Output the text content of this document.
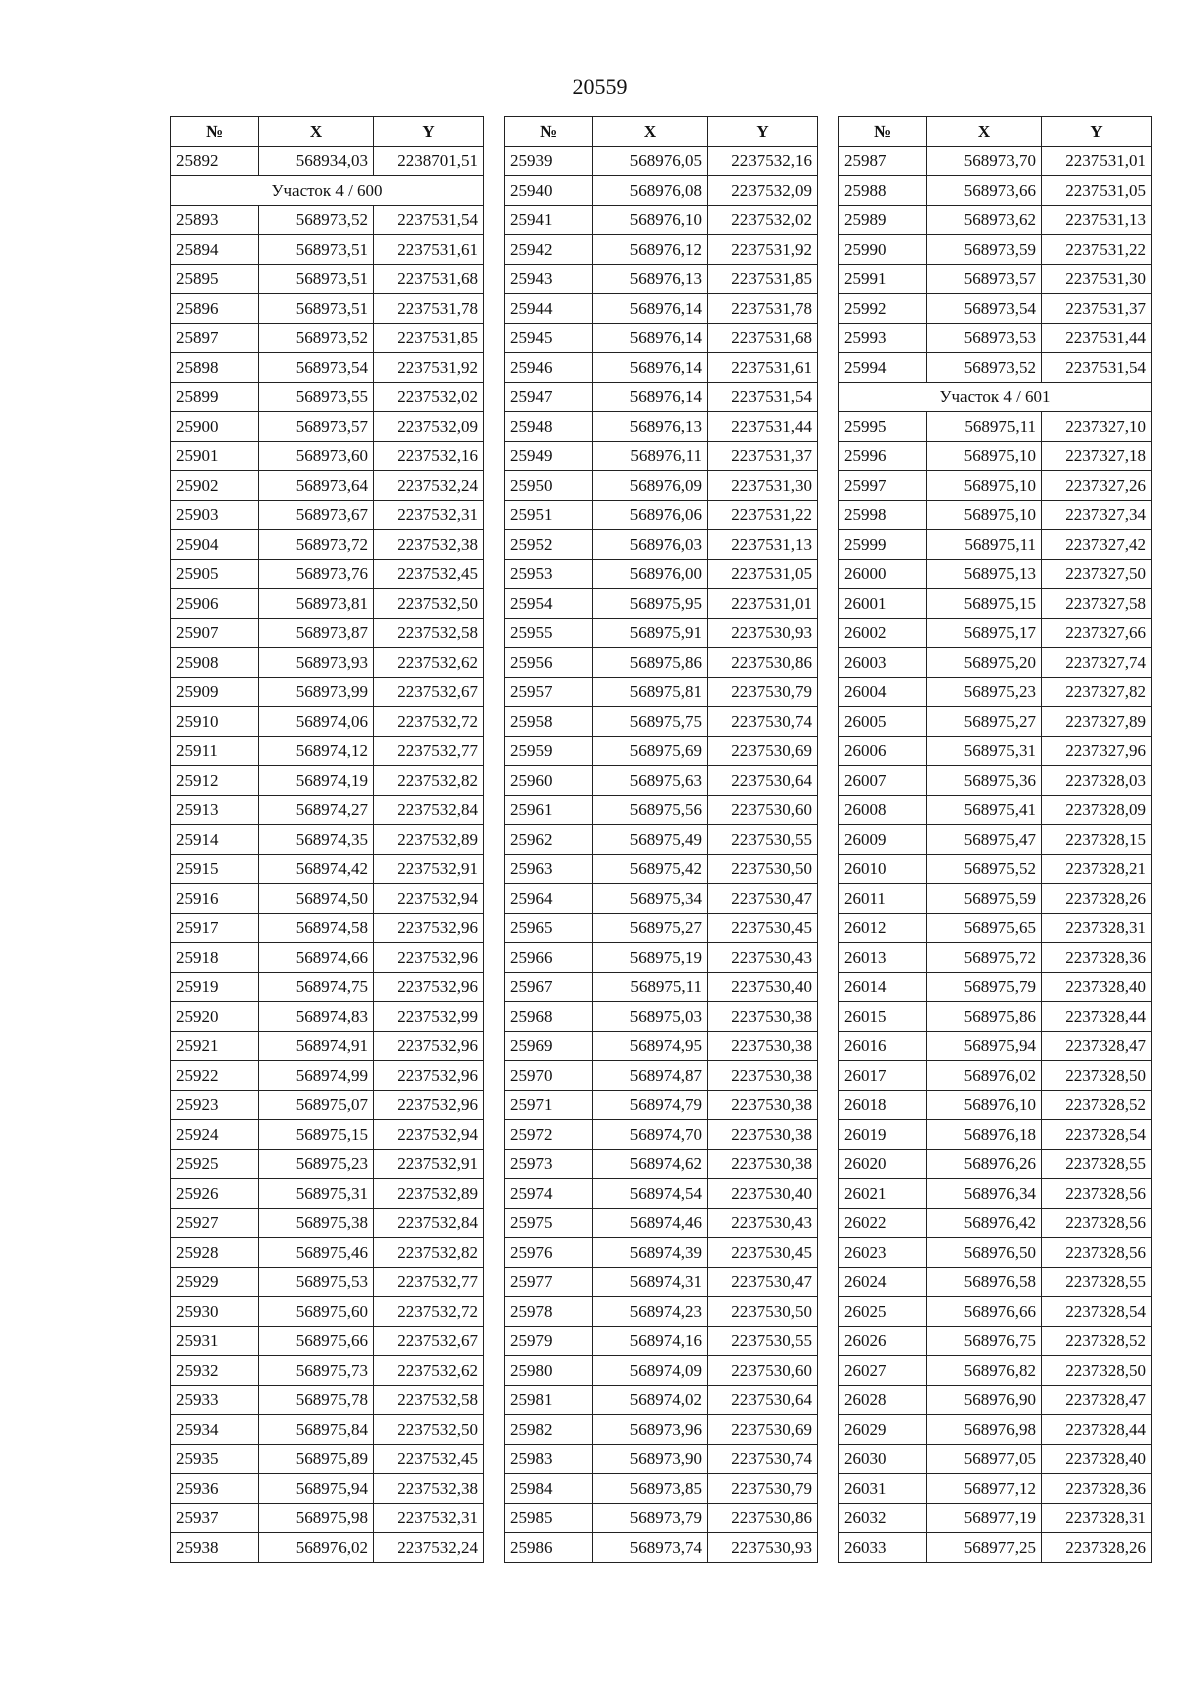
20559
№	X	Y
25892	568934,03	2238701,51
Участок 4 / 600		
25893	568973,52	2237531,54
25894	568973,51	2237531,61
25895	568973,51	2237531,68
25896	568973,51	2237531,78
25897	568973,52	2237531,85
25898	568973,54	2237531,92
25899	568973,55	2237532,02
25900	568973,57	2237532,09
25901	568973,60	2237532,16
25902	568973,64	2237532,24
25903	568973,67	2237532,31
25904	568973,72	2237532,38
25905	568973,76	2237532,45
25906	568973,81	2237532,50
25907	568973,87	2237532,58
25908	568973,93	2237532,62
25909	568973,99	2237532,67
25910	568974,06	2237532,72
25911	568974,12	2237532,77
25912	568974,19	2237532,82
25913	568974,27	2237532,84
25914	568974,35	2237532,89
25915	568974,42	2237532,91
25916	568974,50	2237532,94
25917	568974,58	2237532,96
25918	568974,66	2237532,96
25919	568974,75	2237532,96
25920	568974,83	2237532,99
25921	568974,91	2237532,96
25922	568974,99	2237532,96
25923	568975,07	2237532,96
25924	568975,15	2237532,94
25925	568975,23	2237532,91
25926	568975,31	2237532,89
25927	568975,38	2237532,84
25928	568975,46	2237532,82
25929	568975,53	2237532,77
25930	568975,60	2237532,72
25931	568975,66	2237532,67
25932	568975,73	2237532,62
25933	568975,78	2237532,58
25934	568975,84	2237532,50
25935	568975,89	2237532,45
25936	568975,94	2237532,38
25937	568975,98	2237532,31
25938	568976,02	2237532,24
№	X	Y
25939	568976,05	2237532,16
25940	568976,08	2237532,09
25941	568976,10	2237532,02
25942	568976,12	2237531,92
25943	568976,13	2237531,85
25944	568976,14	2237531,78
25945	568976,14	2237531,68
25946	568976,14	2237531,61
25947	568976,14	2237531,54
25948	568976,13	2237531,44
25949	568976,11	2237531,37
25950	568976,09	2237531,30
25951	568976,06	2237531,22
25952	568976,03	2237531,13
25953	568976,00	2237531,05
25954	568975,95	2237531,01
25955	568975,91	2237530,93
25956	568975,86	2237530,86
25957	568975,81	2237530,79
25958	568975,75	2237530,74
25959	568975,69	2237530,69
25960	568975,63	2237530,64
25961	568975,56	2237530,60
25962	568975,49	2237530,55
25963	568975,42	2237530,50
25964	568975,34	2237530,47
25965	568975,27	2237530,45
25966	568975,19	2237530,43
25967	568975,11	2237530,40
25968	568975,03	2237530,38
25969	568974,95	2237530,38
25970	568974,87	2237530,38
25971	568974,79	2237530,38
25972	568974,70	2237530,38
25973	568974,62	2237530,38
25974	568974,54	2237530,40
25975	568974,46	2237530,43
25976	568974,39	2237530,45
25977	568974,31	2237530,47
25978	568974,23	2237530,50
25979	568974,16	2237530,55
25980	568974,09	2237530,60
25981	568974,02	2237530,64
25982	568973,96	2237530,69
25983	568973,90	2237530,74
25984	568973,85	2237530,79
25985	568973,79	2237530,86
25986	568973,74	2237530,93
№	X	Y
25987	568973,70	2237531,01
25988	568973,66	2237531,05
25989	568973,62	2237531,13
25990	568973,59	2237531,22
25991	568973,57	2237531,30
25992	568973,54	2237531,37
25993	568973,53	2237531,44
25994	568973,52	2237531,54
Участок 4 / 601		
25995	568975,11	2237327,10
25996	568975,10	2237327,18
25997	568975,10	2237327,26
25998	568975,10	2237327,34
25999	568975,11	2237327,42
26000	568975,13	2237327,50
26001	568975,15	2237327,58
26002	568975,17	2237327,66
26003	568975,20	2237327,74
26004	568975,23	2237327,82
26005	568975,27	2237327,89
26006	568975,31	2237327,96
26007	568975,36	2237328,03
26008	568975,41	2237328,09
26009	568975,47	2237328,15
26010	568975,52	2237328,21
26011	568975,59	2237328,26
26012	568975,65	2237328,31
26013	568975,72	2237328,36
26014	568975,79	2237328,40
26015	568975,86	2237328,44
26016	568975,94	2237328,47
26017	568976,02	2237328,50
26018	568976,10	2237328,52
26019	568976,18	2237328,54
26020	568976,26	2237328,55
26021	568976,34	2237328,56
26022	568976,42	2237328,56
26023	568976,50	2237328,56
26024	568976,58	2237328,55
26025	568976,66	2237328,54
26026	568976,75	2237328,52
26027	568976,82	2237328,50
26028	568976,90	2237328,47
26029	568976,98	2237328,44
26030	568977,05	2237328,40
26031	568977,12	2237328,36
26032	568977,19	2237328,31
26033	568977,25	2237328,26
